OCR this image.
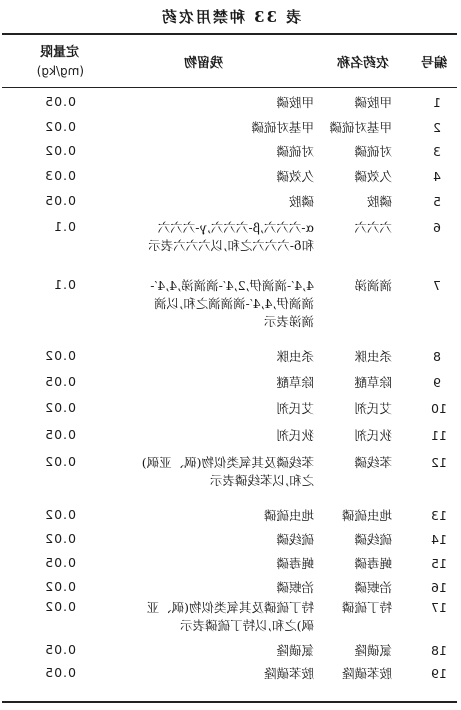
表 33 种禁用农药
编号
农药名称
残留物
定量限
(mg/kg)
1
甲胺磷
甲胺磷
0.05
2
甲基对硫磷
甲基对硫磷
0.02
3
对硫磷
对硫磷
0.02
4
久效磷
久效磷
0.03
5
磷胺
磷胺
0.05
6
六六六
α-六六六,β-六六六,γ-六六六
和δ-六六六之和,以六六六表示
0.1
7
滴滴涕
4,4′-滴滴伊,2,4′-滴滴涕,4,4′-
滴滴伊,4,4′-滴滴滴之和,以滴
滴涕表示
0.1
8
杀虫脒
杀虫脒
0.02
9
除草醚
除草醚
0.05
10
艾氏剂
艾氏剂
0.02
11
狄氏剂
狄氏剂
0.05
12
苯线磷
苯线磷及其氧类似物(砜、亚砜)
之和,以苯线磷表示
0.02
13
地虫硫磷
地虫硫磷
0.02
14
硫线磷
硫线磷
0.02
15
蝇毒磷
蝇毒磷
0.05
16
治螟磷
治螟磷
0.02
17
特丁硫磷
特丁硫磷及其氧类似物(砜、亚
砜)之和,以特丁硫磷表示
0.02
18
氯磺隆
氯磺隆
0.05
19
胺苯磺隆
胺苯磺隆
0.05
